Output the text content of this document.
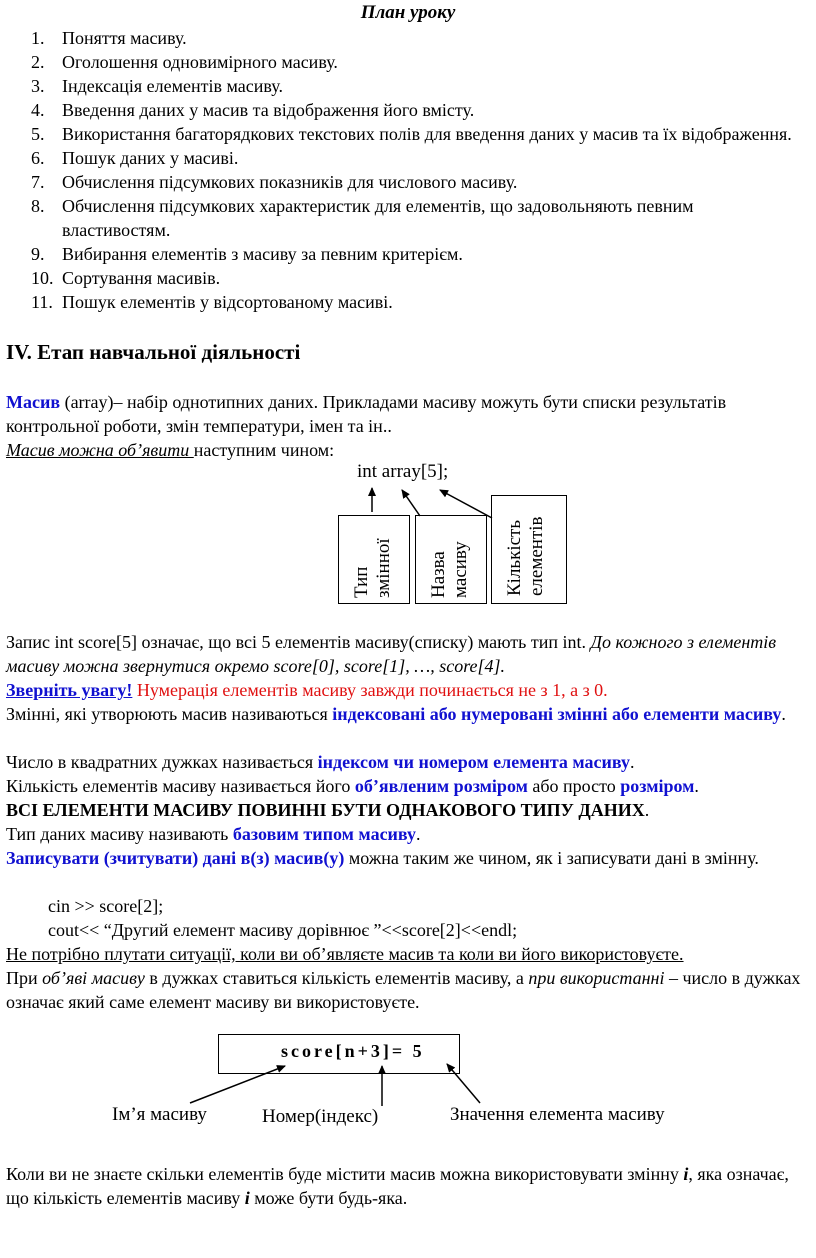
План уроку
1. Поняття масиву.
2. Оголошення одновимірного масиву.
3. Індексація елементів масиву.
4. Введення даних у масив та відображення його вмісту.
5. Використання багаторядкових текстових полів для введення даних у масив та їх відображення.
6. Пошук даних у масиві.
7. Обчислення підсумкових показників для числового масиву.
8. Обчислення підсумкових характеристик для елементів, що задовольняють певним властивостям.
9. Вибирання елементів з масиву за певним критерієм.
10. Сортування масивів.
11. Пошук елементів у відсортованому масиві.
IV. Етап навчальної діяльності
Масив (array)– набір однотипних даних. Прикладами масиву можуть бути списки результатів контрольної роботи, змін температури, імен та ін..
Масив можна об’явити наступним чином:
int array[5];
Тип
змінної Назва
масиву Кількість
елементів
Запис int score[5] означає, що всі 5 елементів масиву(списку) мають тип int. До кожного з елементів масиву можна звернутися окремо score[0], score[1], …, score[4].
Зверніть увагу! Нумерація елементів масиву завжди починається не з 1, а з 0.
Змінні, які утворюють масив називаються індексовані або нумеровані змінні або елементи масиву.
Число в квадратних дужках називається індексом чи номером елемента масиву.
Кількість елементів масиву називається його об’явленим розміром або просто розміром.
ВСІ ЕЛЕМЕНТИ МАСИВУ ПОВИННІ БУТИ ОДНАКОВОГО ТИПУ ДАНИХ.
Тип даних масиву називають базовим типом масиву.
Записувати (зчитувати) дані в(з) масив(у) можна таким же чином, як і записувати дані в змінну.
cin >> score[2];
cout<< “Другий елемент масиву дорівнює ”<<score[2]<<endl;
Не потрібно плутати ситуації, коли ви об’являєте масив та коли ви його використовуєте.
При об’яві масиву в дужках ставиться кількість елементів масиву, а при використанні – число в дужках означає який саме елемент масиву ви використовуєте.
score[n+3]= 5
Ім’я масиву	Номер(індекс)	Значення елемента масиву
Коли ви не знаєте скільки елементів буде містити масив можна використовувати змінну і, яка означає, що кількість елементів масиву і може бути будь-яка.
